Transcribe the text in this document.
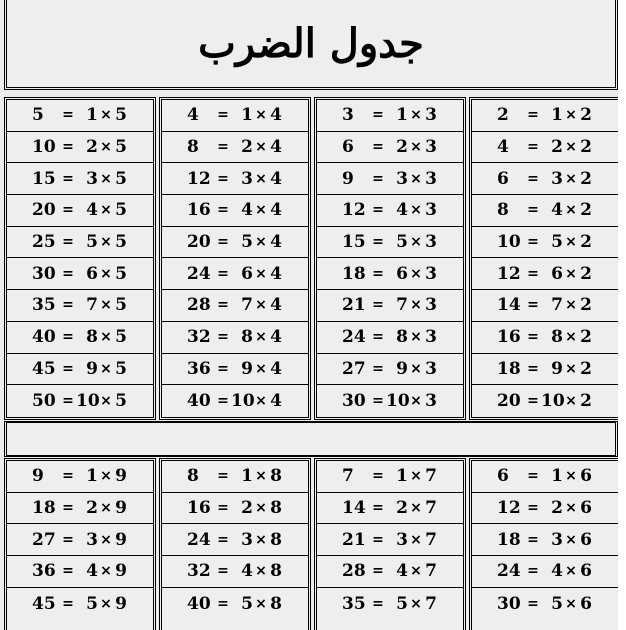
جدول الضرب
5	= 1 × 5
10 = 2 × 5
15 = 3 × 5
20 = 4 × 5
25 = 5 × 5
30 = 6 × 5
35 = 7 × 5
40 = 8 × 5
45 = 9 × 5
50 = 10 × 5
4	= 1 × 4
8	= 2 × 4
12 = 3 × 4
16 = 4 × 4
20 = 5 × 4
24 = 6 × 4
28 = 7 × 4
32 = 8 × 4
36 = 9 × 4
40 = 10 × 4
3	= 1 × 3
6	= 2 × 3
9	= 3 × 3
12 = 4 × 3
15 = 5 × 3
18 = 6 × 3
21 = 7 × 3
24 = 8 × 3
27 = 9 × 3
30 = 10 × 3
2	= 1 × 2
4	= 2 × 2
6	= 3 × 2
8	= 4 × 2
10 = 5 × 2
12 = 6 × 2
14 = 7 × 2
16 = 8 × 2
18 = 9 × 2
20 = 10 × 2
9	= 1 × 9
18 = 2 × 9
27 = 3 × 9
36 = 4 × 9
45 = 5 × 9
8	= 1 × 8
16 = 2 × 8
24 = 3 × 8
32 = 4 × 8
40 = 5 × 8
7	= 1 × 7
14 = 2 × 7
21 = 3 × 7
28 = 4 × 7
35 = 5 × 7
6	= 1 × 6
12 = 2 × 6
18 = 3 × 6
24 = 4 × 6
30 = 5 × 6
